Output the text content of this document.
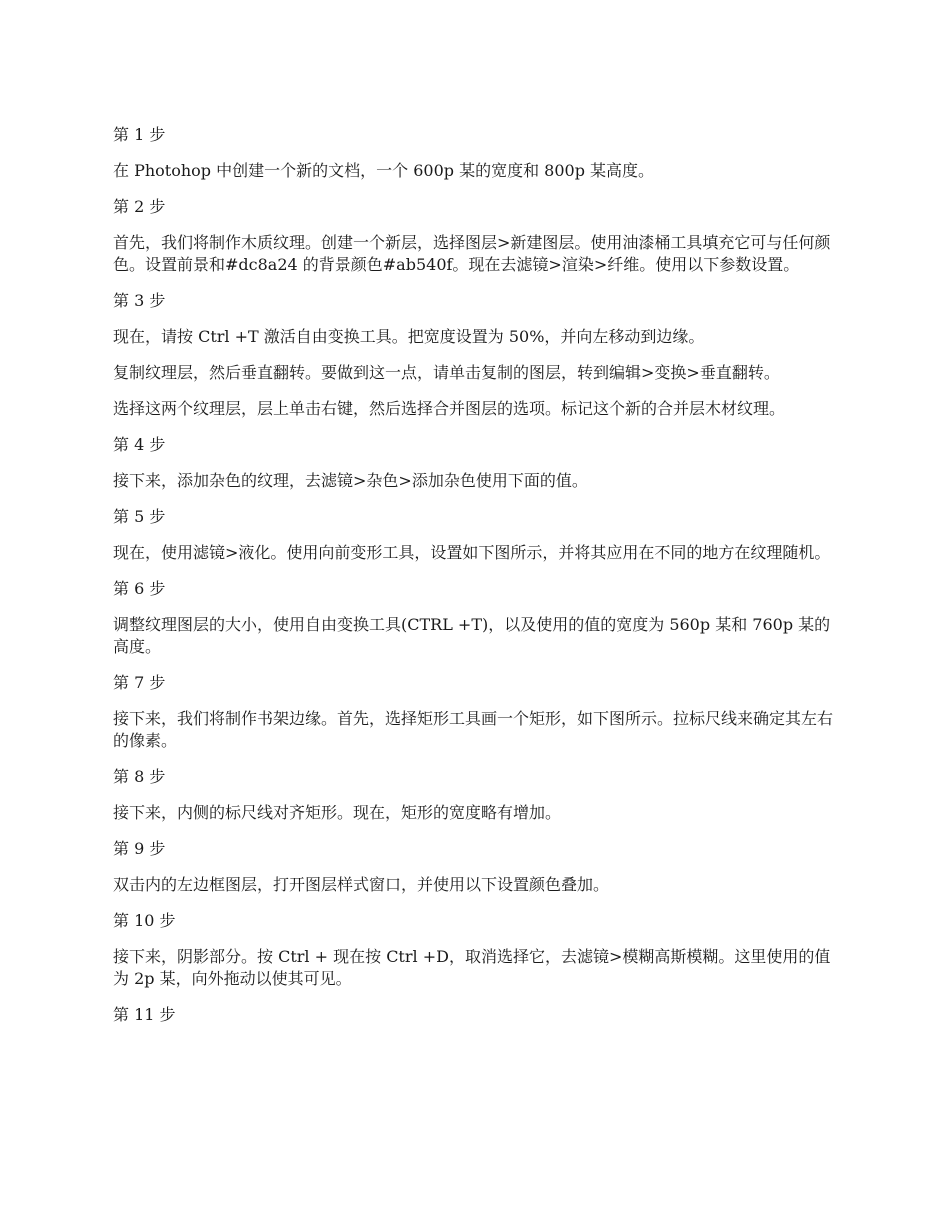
第 1 步

在 Photohop 中创建一个新的文档，一个 600p 某的宽度和 800p 某高度。

第 2 步

首先，我们将制作木质纹理。创建一个新层，选择图层>新建图层。使用油漆桶工具填充它可与任何颜色。设置前景和#dc8a24 的背景颜色#ab540f。现在去滤镜>渲染>纤维。使用以下参数设置。

第 3 步

现在，请按 Ctrl +T 激活自由变换工具。把宽度设置为 50%，并向左移动到边缘。

复制纹理层，然后垂直翻转。要做到这一点，请单击复制的图层，转到编辑>变换>垂直翻转。

选择这两个纹理层，层上单击右键，然后选择合并图层的选项。标记这个新的合并层木材纹理。

第 4 步

接下来，添加杂色的纹理，去滤镜>杂色>添加杂色使用下面的值。

第 5 步

现在，使用滤镜>液化。使用向前变形工具，设置如下图所示，并将其应用在不同的地方在纹理随机。

第 6 步

调整纹理图层的大小，使用自由变换工具(CTRL +T)，以及使用的值的宽度为 560p 某和 760p 某的高度。

第 7 步

接下来，我们将制作书架边缘。首先，选择矩形工具画一个矩形，如下图所示。拉标尺线来确定其左右的像素。

第 8 步

接下来，内侧的标尺线对齐矩形。现在，矩形的宽度略有增加。

第 9 步

双击内的左边框图层，打开图层样式窗口，并使用以下设置颜色叠加。

第 10 步

接下来，阴影部分。按 Ctrl + 现在按 Ctrl +D，取消选择它，去滤镜>模糊高斯模糊。这里使用的值为 2p 某，向外拖动以使其可见。

第 11 步
